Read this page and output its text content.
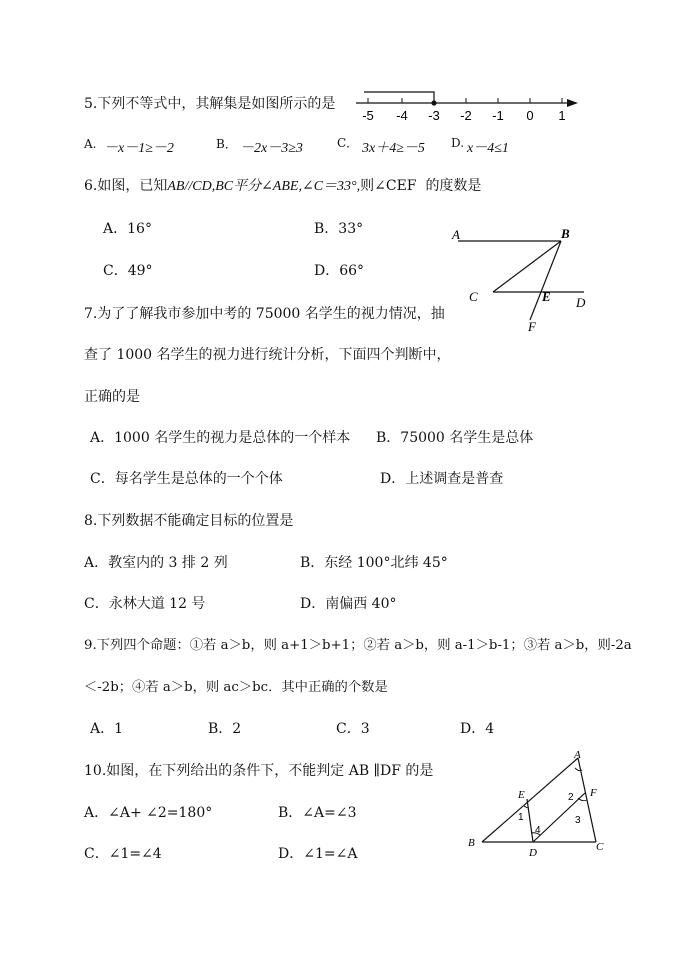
5.下列不等式中，其解集是如图所示的是
-5 -4 -3 -2 -1 0 1
A. －x－1≥－2	B． －2x－3≥3	C． 3x＋4≥－5 D. x－4≤1
6.如图，已知AB//CD,BC平分∠ABE,∠C＝33°,则∠CEF 的度数是
A．16°	B．33°
C．49°	D．66°
A	B
C	E D
F
7.为了了解我市参加中考的 75000 名学生的视力情况，抽
查了 1000 名学生的视力进行统计分析，下面四个判断中，
正确的是
A．1000 名学生的视力是总体的一个样本 B．75000 名学生是总体
C．每名学生是总体的一个个体	D．上述调查是普查
8.下列数据不能确定目标的位置是
A．教室内的 3 排 2 列	B．东经 100°北纬 45°
C．永林大道 12 号	D．南偏西 40°
9.下列四个命题：①若 a＞b，则 a+1＞b+1；②若 a＞b，则 a-1＞b-1；③若 a＞b，则-2a
＜-2b；④若 a＞b，则 ac＞bc．其中正确的个数是
A．1	B．2	C．3	D．4
10.如图，在下列给出的条件下，不能判定 AB ∥DF 的是
A．∠A+ ∠2=180°	B．∠A=∠3
C．∠1=∠4	D．∠1=∠A
A
B	C
D
E	F
1
2
3
4
